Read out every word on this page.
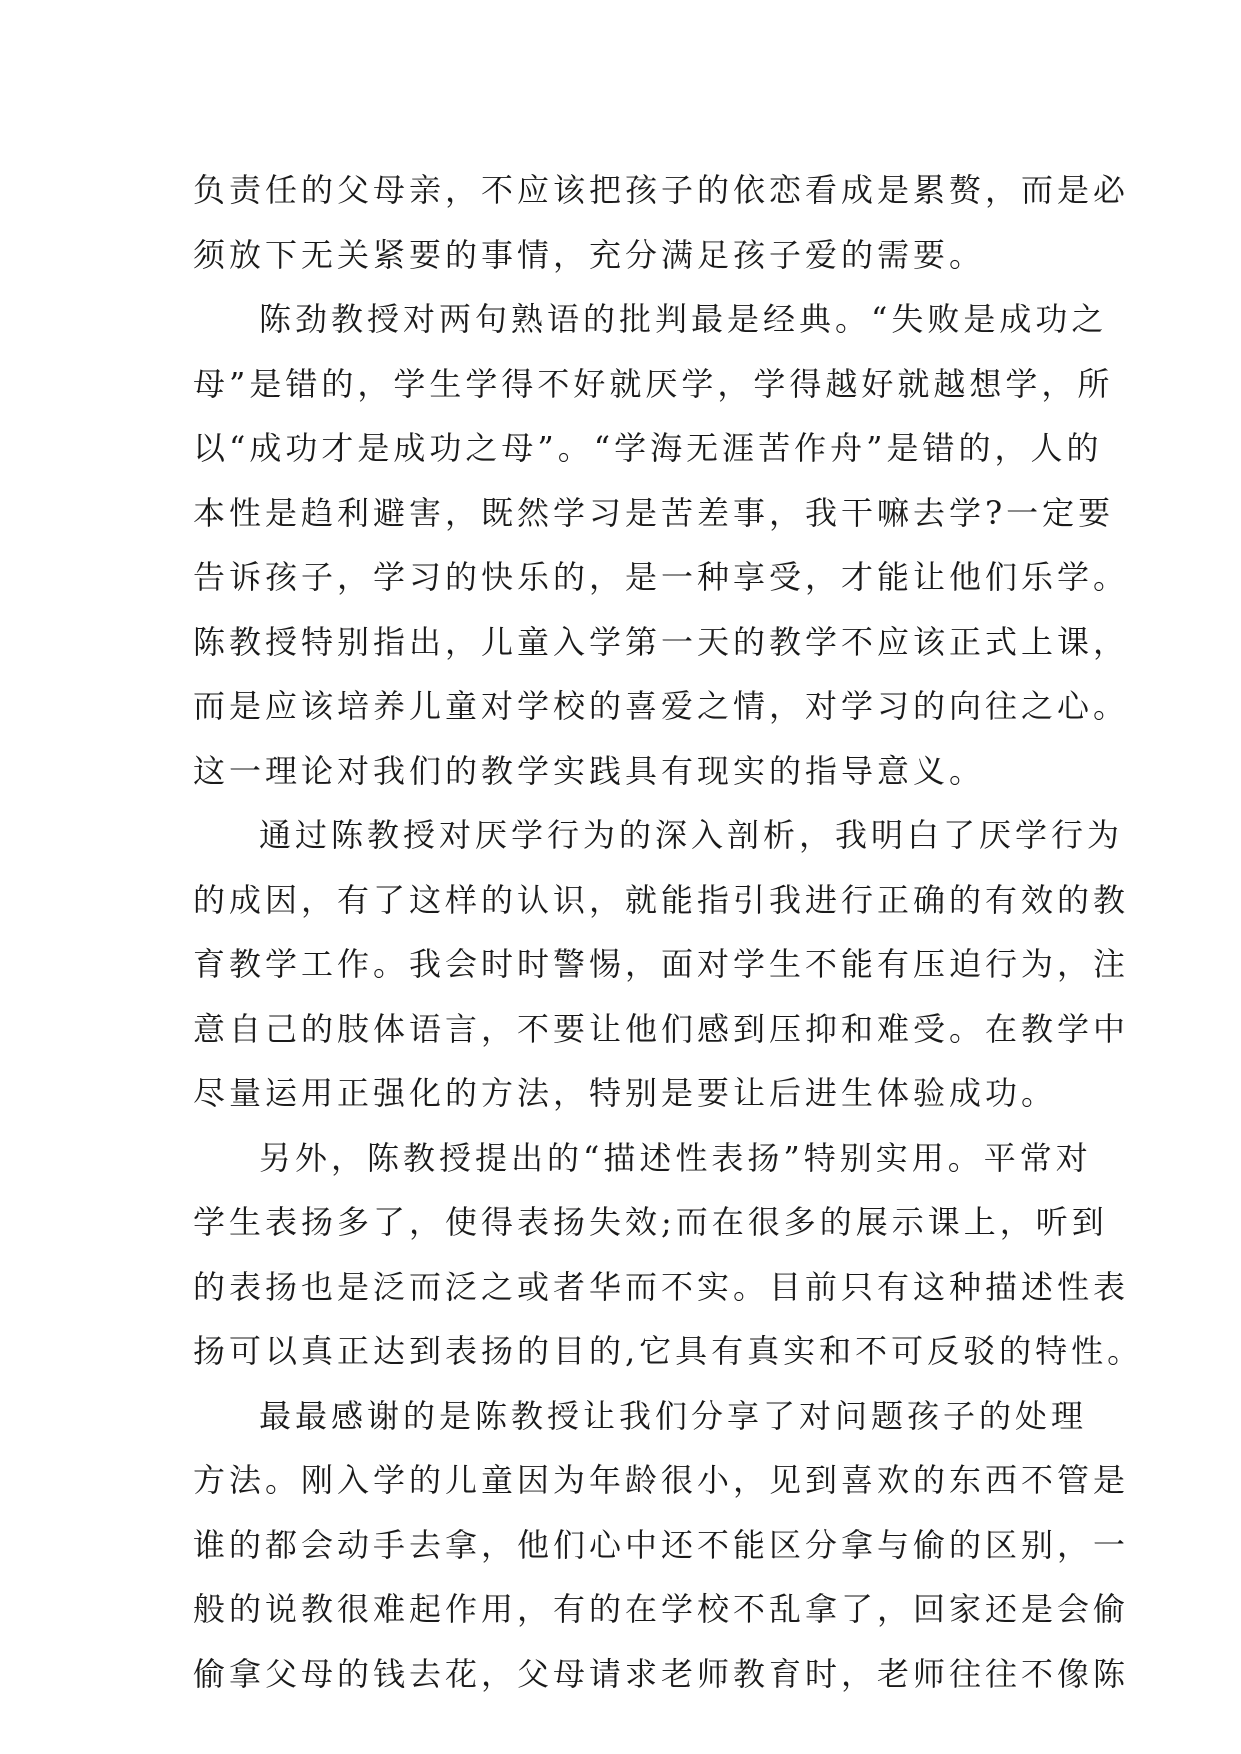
负责任的父母亲，不应该把孩子的依恋看成是累赘，而是必
须放下无关紧要的事情，充分满足孩子爱的需要。
陈劲教授对两句熟语的批判最是经典。“失败是成功之
母”是错的，学生学得不好就厌学，学得越好就越想学，所
以“成功才是成功之母”。“学海无涯苦作舟”是错的，人的
本性是趋利避害，既然学习是苦差事，我干嘛去学?一定要
告诉孩子，学习的快乐的，是一种享受，才能让他们乐学。
陈教授特别指出，儿童入学第一天的教学不应该正式上课，
而是应该培养儿童对学校的喜爱之情，对学习的向往之心。
这一理论对我们的教学实践具有现实的指导意义。
通过陈教授对厌学行为的深入剖析，我明白了厌学行为
的成因，有了这样的认识，就能指引我进行正确的有效的教
育教学工作。我会时时警惕，面对学生不能有压迫行为，注
意自己的肢体语言，不要让他们感到压抑和难受。在教学中
尽量运用正强化的方法，特别是要让后进生体验成功。
另外，陈教授提出的“描述性表扬”特别实用。平常对
学生表扬多了，使得表扬失效;而在很多的展示课上，听到
的表扬也是泛而泛之或者华而不实。目前只有这种描述性表
扬可以真正达到表扬的目的,它具有真实和不可反驳的特性。
最最感谢的是陈教授让我们分享了对问题孩子的处理
方法。刚入学的儿童因为年龄很小，见到喜欢的东西不管是
谁的都会动手去拿，他们心中还不能区分拿与偷的区别，一
般的说教很难起作用，有的在学校不乱拿了，回家还是会偷
偷拿父母的钱去花，父母请求老师教育时，老师往往不像陈
